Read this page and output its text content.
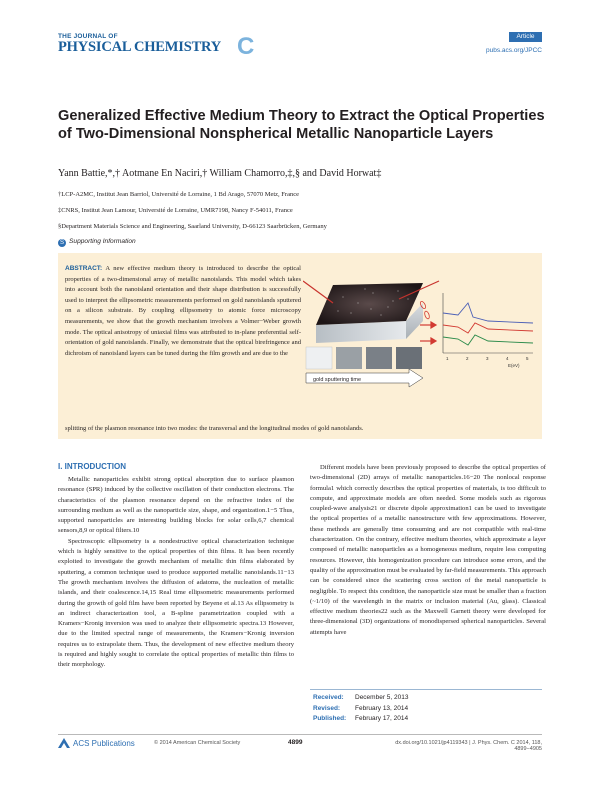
THE JOURNAL OF
PHYSICAL CHEMISTRY C	Article
pubs.acs.org/JPCC
Generalized Effective Medium Theory to Extract the Optical Properties of Two-Dimensional Nonspherical Metallic Nanoparticle Layers
Yann Battie,*,† Aotmane En Naciri,† William Chamorro,‡,§ and David Horwat‡
†LCP-A2MC, Institut Jean Barriol, Université de Lorraine, 1 Bd Arago, 57070 Metz, France
‡CNRS, Institut Jean Lamour, Université de Lorraine, UMR7198, Nancy F-54011, France
§Department Materials Science and Engineering, Saarland University, D-66123 Saarbrücken, Germany
S Supporting Information
ABSTRACT: A new effective medium theory is introduced to describe the optical properties of a two-dimensional array of metallic nanoislands. This model which takes into account both the nanoisland orientation and their shape distribution is successfully used to interpret the ellipsometric measurements performed on gold nanoislands sputtered on a silicon substrate. By coupling ellipsometry to atomic force microscopy measurements, we show that the growth mechanism involves a Volmer−Weber growth mode. The optical anisotropy of uniaxial films was attributed to in-plane preferential self-orientation of gold nanoislands. Finally, we demonstrate that the optical birefringence and dichroism of nanoisland layers can be tuned during the film growth and are due to the
splitting of the plasmon resonance into two modes: the transversal and the longitudinal modes of gold nanoislands.
1	2	3	4	5
E(eV)
gold sputtering time
I. INTRODUCTION

Metallic nanoparticles exhibit strong optical absorption due to surface plasmon resonance (SPR) induced by the collective oscillation of their conduction electrons. The characteristics of the plasmon resonance depend on the refractive index of the surrounding medium as well as the nanoparticle size, shape, and organization.1−5 Thus, supported nanoparticles are interesting building blocks for solar cells,6,7 chemical sensors,8,9 or optical filters.10

Spectroscopic ellipsometry is a nondestructive optical characterization technique which is highly sensitive to the optical properties of thin films. It has been recently exploited to investigate the growth mechanism of metallic thin films elaborated by sputtering, a common technique used to produce supported metallic nanoislands.11−13 The growth mechanism involves the diffusion of adatoms, the nucleation of metallic islands, and their coalescence.14,15 Real time ellipsometric measurements performed during the growth of gold film have been reported by Beyene et al.13 As ellipsometry is an indirect characterization tool, a B-spline parametrization coupled with a Kramers−Kronig inversion was used to analyze their ellipsometric spectra.13 However, due to the limited spectral range of measurements, the Kramers−Kronig inversion requires us to extrapolate them. Thus, the development of new effective medium theory is required and highly sought to correlate the optical properties of metallic thin films to their morphology.

Different models have been previously proposed to describe the optical properties of two-dimensional (2D) arrays of metallic nanoparticles.16−20 The nonlocal response formula1 which correctly describes the optical properties of materials, is too difficult to compute, and approximate models are often needed. Some models such as rigorous coupled-wave analysis21 or discrete dipole approximation1 can be used to investigate the optical properties of a metallic nanostructure with few approximations. However, these methods are generally time consuming and are not compatible with real-time characterization. On the contrary, effective medium theories, which approximate a layer composed of metallic nanoparticles as a homogeneous medium, require less computing resources. However, this homogenization procedure can introduce some errors, and the quality of the approximation must be evaluated by far-field measurements. This approach can be considered since the scattering cross section of the metal nanoparticle is negligible. To respect this condition, the nanoparticle size must be smaller than a fraction (~1/10) of the wavelength in the matrix or inclusion material (Au, glass). Classical effective medium theories22 such as the Maxwell Garnett theory were developed for three-dimensional (3D) organizations of monodispersed spherical nanoparticles. Several attempts have

Received: December 5, 2013
Revised: February 13, 2014
Published: February 17, 2014
ACS Publications	© 2014 American Chemical Society	4899	dx.doi.org/10.1021/jp4119343 | J. Phys. Chem. C 2014, 118, 4899−4905
